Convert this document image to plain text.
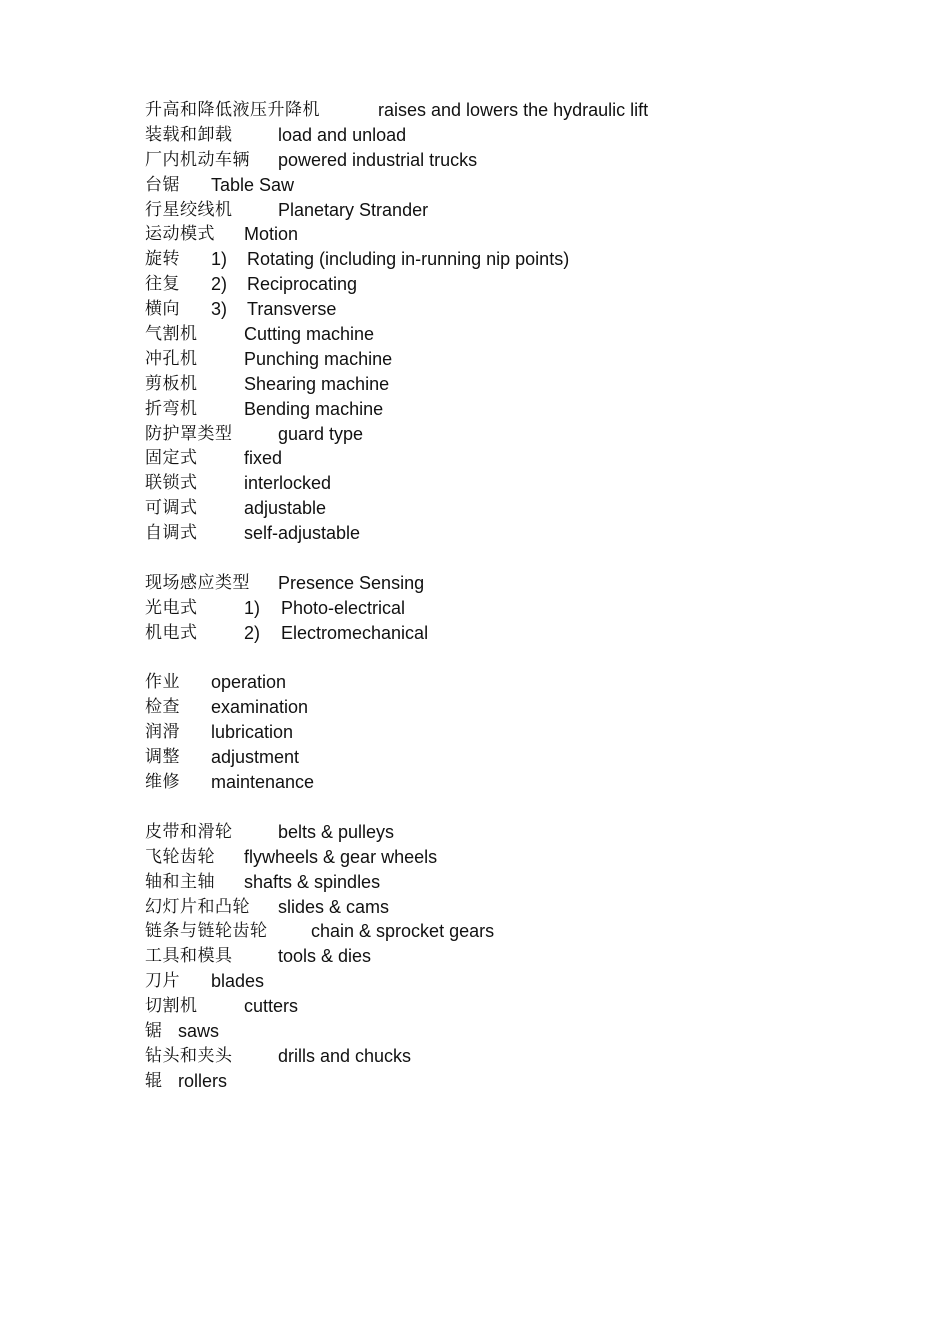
升高和降低液压升降机	raises and lowers the hydraulic lift
装载和卸载	load and unload
厂内机动车辆 powered industrial trucks
台锯 Table Saw
行星绞线机	Planetary Strander
运动模式 Motion
旋转 1) Rotating (including in-running nip points)
往复 2) Reciprocating
横向 3) Transverse
气割机	Cutting machine
冲孔机	Punching machine
剪板机	Shearing machine
折弯机	Bending machine
防护罩类型	guard type
固定式	fixed
联锁式	interlocked
可调式	adjustable
自调式	self-adjustable
现场感应类型 Presence Sensing
光电式	1) Photo-electrical
机电式	2) Electromechanical
作业 operation
检查 examination
润滑 lubrication
调整 adjustment
维修 maintenance
皮带和滑轮	belts & pulleys
飞轮齿轮 flywheels & gear wheels
轴和主轴 shafts & spindles
幻灯片和凸轮 slides & cams
链条与链轮齿轮 chain & sprocket gears
工具和模具	tools & dies
刀片 blades
切割机	cutters
锯 saws
钻头和夹头	drills and chucks
辊 rollers
